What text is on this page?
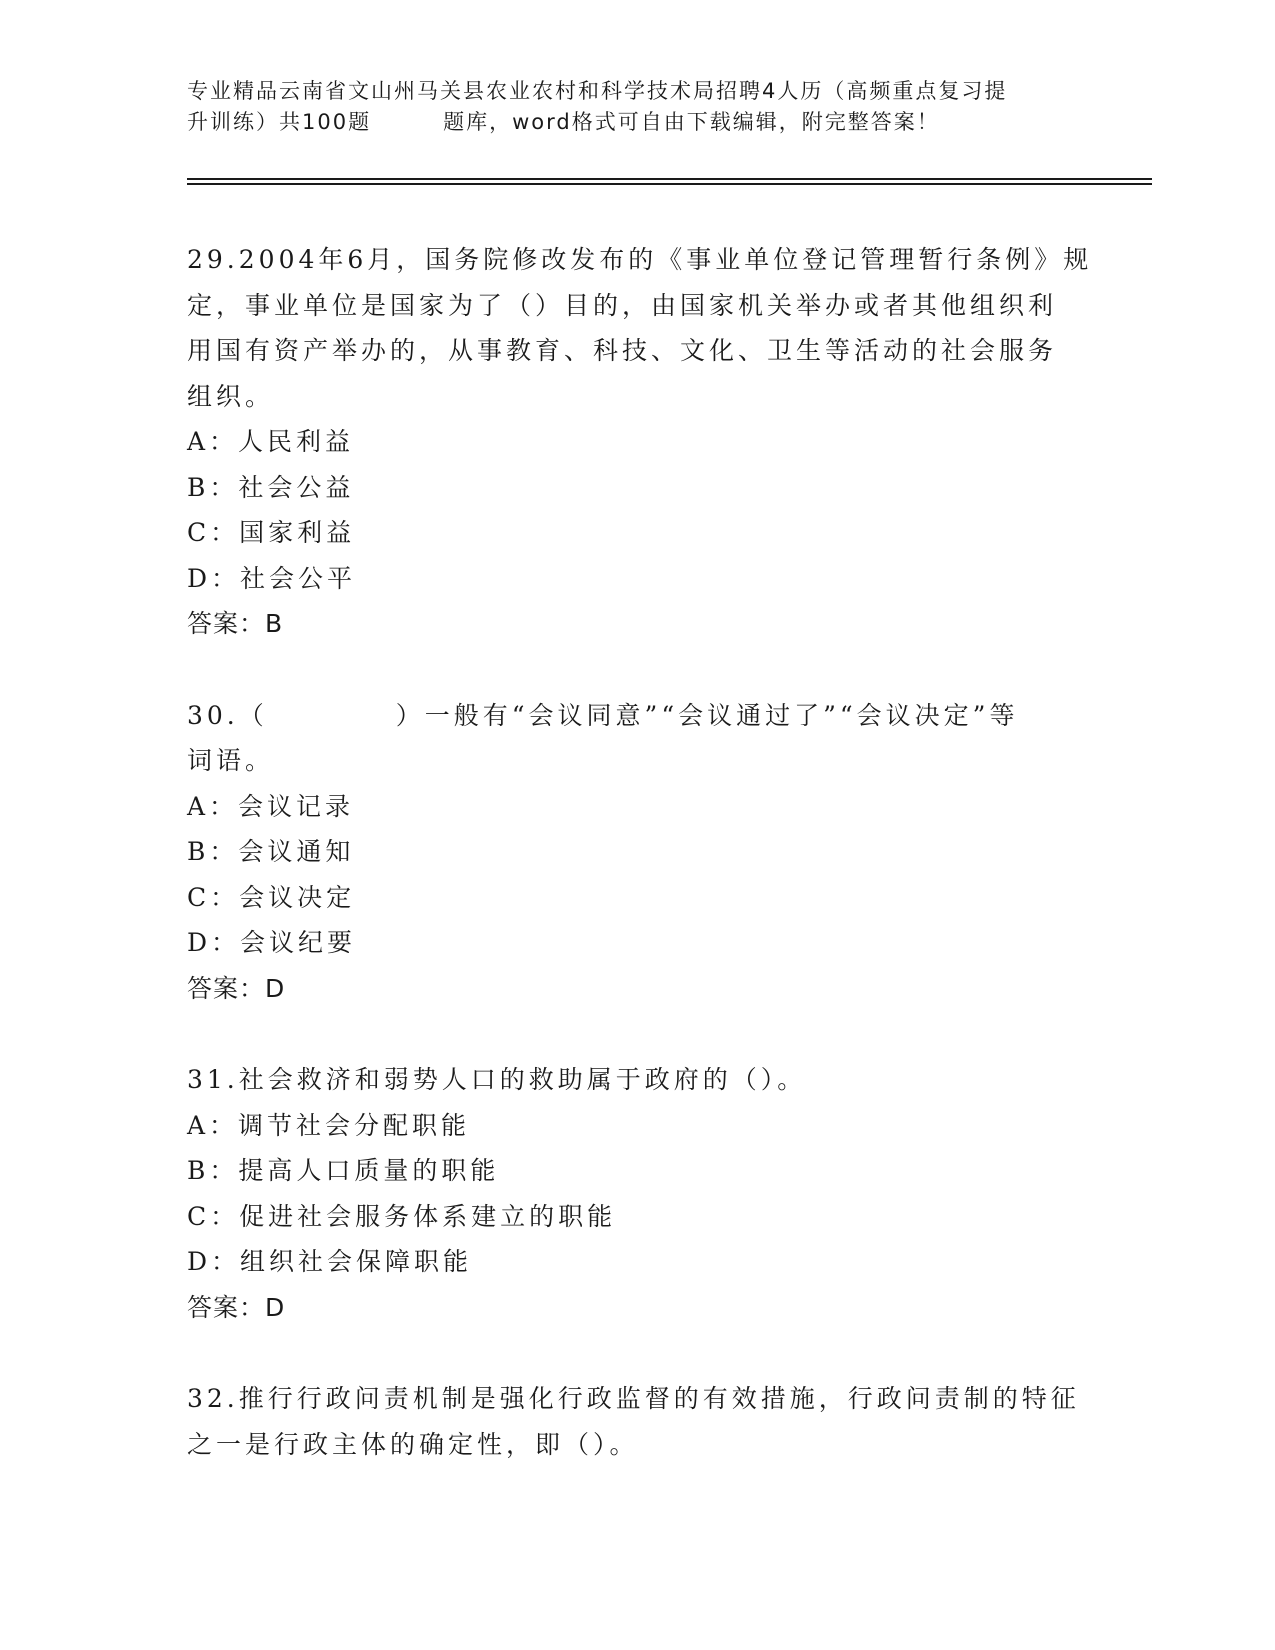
专业精品云南省文山州马关县农业农村和科学技术局招聘4人历（高频重点复习提
升训练）共100题	题库，word格式可自由下载编辑，附完整答案！
29.2004年6月，国务院修改发布的《事业单位登记管理暂行条例》规
定，事业单位是国家为了（）目的，由国家机关举办或者其他组织利
用国有资产举办的，从事教育、科技、文化、卫生等活动的社会服务
组织。
A：人民利益
B：社会公益
C：国家利益
D：社会公平
答案：B
30.（	）一般有“会议同意”“会议通过了”“会议决定”等
词语。
A：会议记录
B：会议通知
C：会议决定
D：会议纪要
答案：D
31.社会救济和弱势人口的救助属于政府的（）。
A：调节社会分配职能
B：提高人口质量的职能
C：促进社会服务体系建立的职能
D：组织社会保障职能
答案：D
32.推行行政问责机制是强化行政监督的有效措施，行政问责制的特征
之一是行政主体的确定性，即（）。
